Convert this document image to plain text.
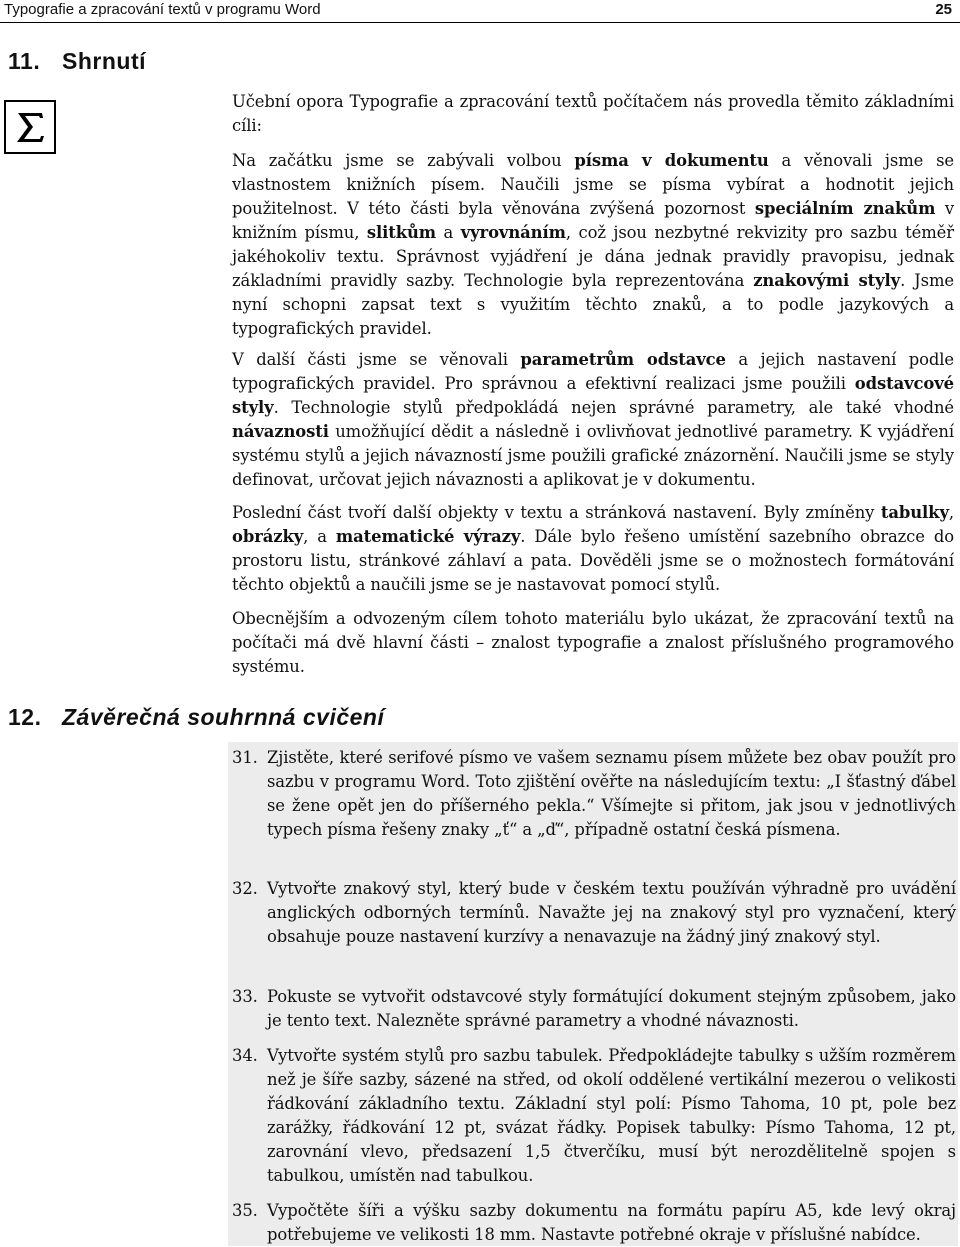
Typografie a zpracování textů v programu Word	25
11. Shrnutí

Učební opora Typografie a zpracování textů počítačem nás provedla těmito základními cíli:

Na začátku jsme se zabývali volbou písma v dokumentu a věnovali jsme se vlastnostem knižních písem. Naučili jsme se písma vybírat a hodnotit jejich použitelnost. V této části byla věnována zvýšená pozornost speciálním znakům v knižním písmu, slitkům a vyrovnáním, což jsou nezbytné rekvizity pro sazbu téměř jakéhokoliv textu. Správnost vyjádření je dána jednak pravidly pravopisu, jednak základními pravidly sazby. Technologie byla reprezentována znakovými styly. Jsme nyní schopni zapsat text s využitím těchto znaků, a to podle jazykových a typografických pravidel.

V další části jsme se věnovali parametrům odstavce a jejich nastavení podle typografických pravidel. Pro správnou a efektivní realizaci jsme použili odstavcové styly. Technologie stylů předpokládá nejen správné parametry, ale také vhodné návaznosti umožňující dědit a následně i ovlivňovat jednotlivé parametry. K vyjádření systému stylů a jejich návazností jsme použili grafické znázornění. Naučili jsme se styly definovat, určovat jejich návaznosti a aplikovat je v dokumentu.

Poslední část tvoří další objekty v textu a stránková nastavení. Byly zmíněny tabulky, obrázky, a matematické výrazy. Dále bylo řešeno umístění sazebního obrazce do prostoru listu, stránkové záhlaví a pata. Dověděli jsme se o možnostech formátování těchto objektů a naučili jsme se je nastavovat pomocí stylů.

Obecnějším a odvozeným cílem tohoto materiálu bylo ukázat, že zpracování textů na počítači má dvě hlavní části – znalost typografie a znalost příslušného programového systému.

12. Závěrečná souhrnná cvičení
31. Zjistěte, které serifové písmo ve vašem seznamu písem můžete bez obav použít pro sazbu v programu Word. Toto zjištění ověřte na následujícím textu: „I šťastný ďábel se žene opět jen do příšerného pekla.“ Všímejte si přitom, jak jsou v jednotlivých typech písma řešeny znaky „ť“ a „ď“, případně ostatní česká písmena.
32. Vytvořte znakový styl, který bude v českém textu používán výhradně pro uvádění anglických odborných termínů. Navažte jej na znakový styl pro vyznačení, který obsahuje pouze nastavení kurzívy a nenavazuje na žádný jiný znakový styl.
33. Pokuste se vytvořit odstavcové styly formátující dokument stejným způsobem, jako je tento text. Nalezněte správné parametry a vhodné návaznosti.
34. Vytvořte systém stylů pro sazbu tabulek. Předpokládejte tabulky s užším rozměrem než je šíře sazby, sázené na střed, od okolí oddělené vertikální mezerou o velikosti řádkování základního textu. Základní styl polí: Písmo Tahoma, 10 pt, pole bez zarážky, řádkování 12 pt, svázat řádky. Popisek tabulky: Písmo Tahoma, 12 pt, zarovnání vlevo, předsazení 1,5 čtverčíku, musí být nerozdělitelně spojen s tabulkou, umístěn nad tabulkou.
35. Vypočtěte šíři a výšku sazby dokumentu na formátu papíru A5, kde levý okraj potřebujeme ve velikosti 18 mm. Nastavte potřebné okraje v příslušné nabídce.
